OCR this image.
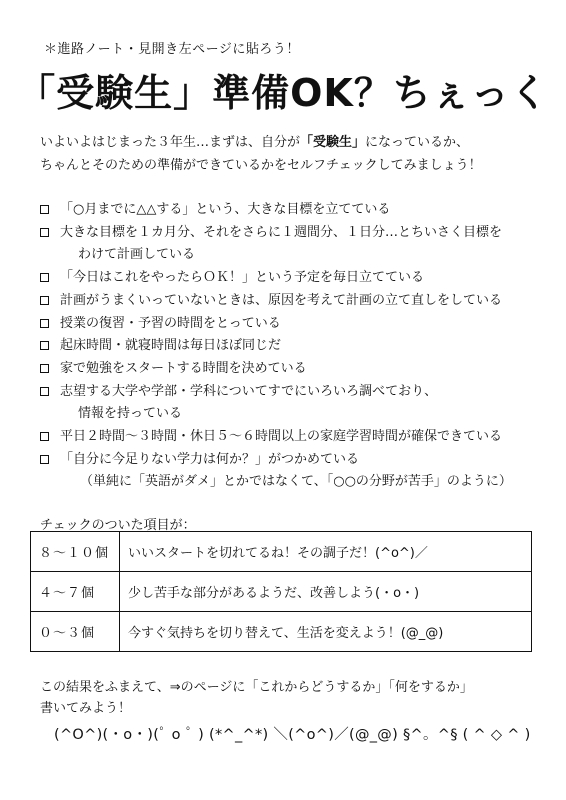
＊進路ノート・見開き左ページに貼ろう！
「受験生」準備OK？ちぇっく
いよいよはじまった３年生…まずは、自分が「受験生」になっているか、
ちゃんとそのための準備ができているかをセルフチェックしてみましょう！
「○月までに△△する」という、大きな目標を立てている
大きな目標を１カ月分、それをさらに１週間分、１日分…とちいさく目標を
わけて計画している
「今日はこれをやったらＯＫ！」という予定を毎日立てている
計画がうまくいっていないときは、原因を考えて計画の立て直しをしている
授業の復習・予習の時間をとっている
起床時間・就寝時間は毎日ほぼ同じだ
家で勉強をスタートする時間を決めている
志望する大学や学部・学科についてすでにいろいろ調べており、
情報を持っている
平日２時間～３時間・休日５～６時間以上の家庭学習時間が確保できている
「自分に今足りない学力は何か？」がつかめている
（単純に「英語がダメ」とかではなくて、「○○の分野が苦手」のように）
チェックのついた項目が：
８～１０個	いいスタートを切れてるね！その調子だ！(^o^)／
４～７個	少し苦手な部分があるようだ、改善しよう(・o・)
０～３個	今すぐ気持ちを切り替えて、生活を変えよう！(@_@)
この結果をふまえて、⇒のページに「これからどうするか」「何をするか」
書いてみよう！
(^O^)(・o・)(ﾟ o ﾟ ) (*^_^*) ＼(^o^)／(@_@) §^。^§ ( ^ ◇ ^ )
